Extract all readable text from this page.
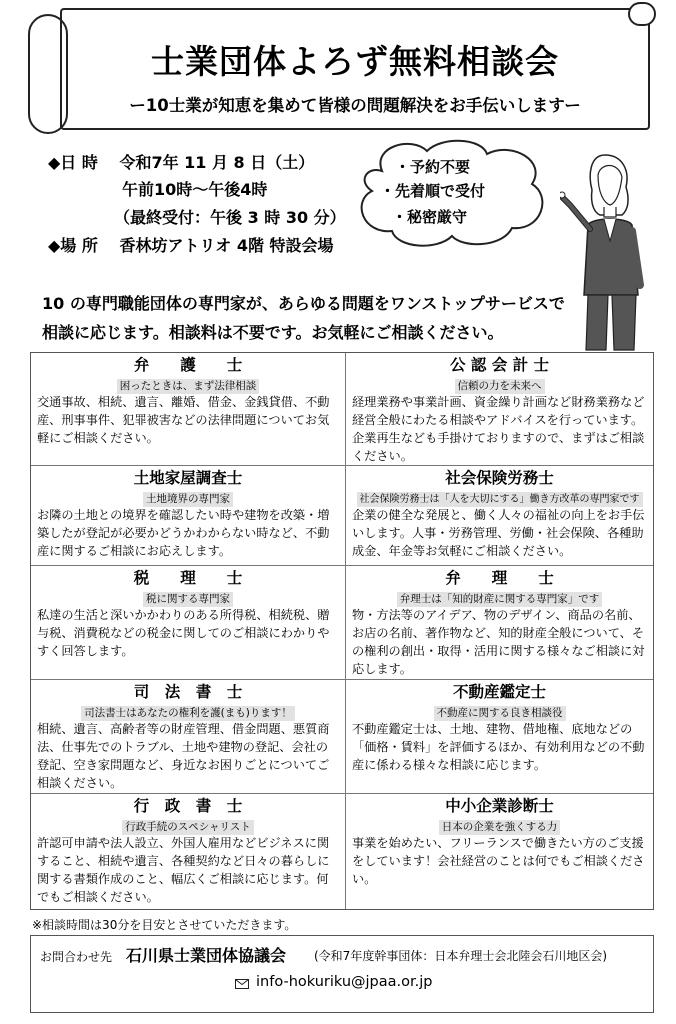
士業団体よろず無料相談会
ー10士業が知恵を集めて皆様の問題解決をお手伝いしますー
◆日 時　 令和7年 11 月 8 日（土）
午前10時～午後4時
（最終受付：午後 3 時 30 分）
◆場 所　 香林坊アトリオ 4階 特設会場
・予約不要
・先着順で受付
・秘密厳守
10 の専門職能団体の専門家が、あらゆる問題をワンストップサービスで
相談に応じます。相談料は不要です。お気軽にご相談ください。
弁　　護　　士
困ったときは、まず法律相談
交通事故、相続、遺言、離婚、借金、金銭貸借、不動産、刑事事件、犯罪被害などの法律問題についてお気軽にご相談ください。
公 認 会 計 士
信頼の力を未来へ
経理業務や事業計画、資金繰り計画など財務業務など経営全般にわたる相談やアドバイスを行っています。企業再生なども手掛けておりますので、まずはご相談ください。
土地家屋調査士
土地境界の専門家
お隣の土地との境界を確認したい時や建物を改築・増築したが登記が必要かどうかわからない時など、不動産に関するご相談にお応えします。
社会保険労務士
社会保険労務士は「人を大切にする」働き方改革の専門家です
企業の健全な発展と、働く人々の福祉の向上をお手伝いします。人事・労務管理、労働・社会保険、各種助成金、年金等お気軽にご相談ください。
税　　理　　士
税に関する専門家
私達の生活と深いかかわりのある所得税、相続税、贈与税、消費税などの税金に関してのご相談にわかりやすく回答します。
弁　　理　　士
弁理士は「知的財産に関する専門家」です
物・方法等のアイデア、物のデザイン、商品の名前、お店の名前、著作物など、知的財産全般について、その権利の創出・取得・活用に関する様々なご相談に対応します。
司　法　書　士
司法書士はあなたの権利を護(まも)ります！
相続、遺言、高齢者等の財産管理、借金問題、悪質商法、仕事先でのトラブル、土地や建物の登記、会社の登記、空き家問題など、身近なお困りごとについてご相談ください。
不動産鑑定士
不動産に関する良き相談役
不動産鑑定士は、土地、建物、借地権、底地などの「価格・賃料」を評価するほか、有効利用などの不動産に係わる様々な相談に応じます。
行　政　書　士
行政手続のスペシャリスト
許認可申請や法人設立、外国人雇用などビジネスに関すること、相続や遺言、各種契約など日々の暮らしに関する書類作成のこと、幅広くご相談に応じます。何でもご相談ください。
中小企業診断士
日本の企業を強くする力
事業を始めたい、フリーランスで働きたい方のご支援をしています！会社経営のことは何でもご相談ください。
※相談時間は30分を目安とさせていただきます。
お問合わせ先 石川県士業団体協議会 (令和7年度幹事団体：日本弁理士会北陸会石川地区会)
info-hokuriku@jpaa.or.jp
